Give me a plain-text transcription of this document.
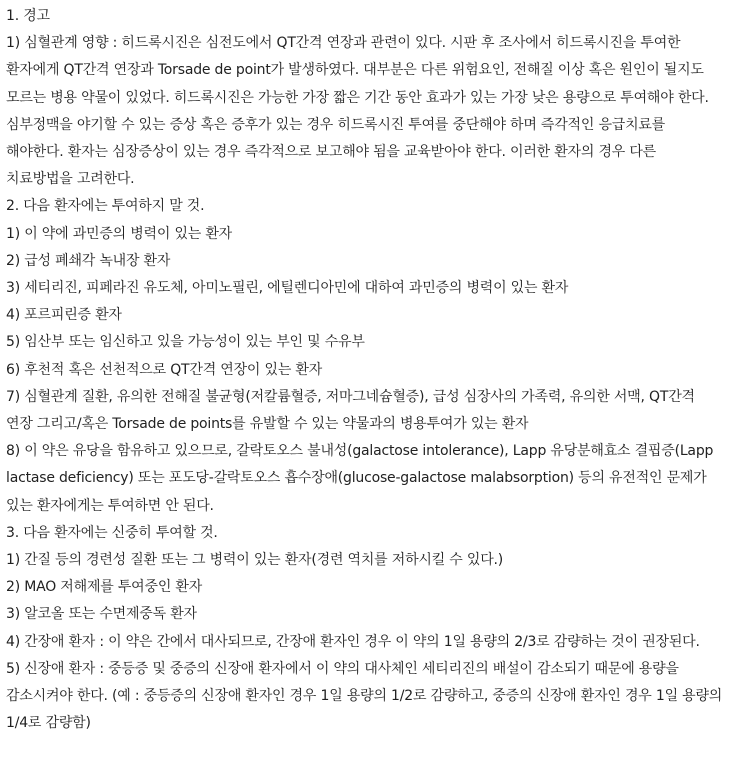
1. 경고

1) 심혈관계 영향 : 히드록시진은 심전도에서 QT간격 연장과 관련이 있다. 시판 후 조사에서 히드록시진을 투여한 환자에게 QT간격 연장과 Torsade de point가 발생하였다. 대부분은 다른 위험요인, 전해질 이상 혹은 원인이 될지도 모르는 병용 약물이 있었다. 히드록시진은 가능한 가장 짧은 기간 동안 효과가 있는 가장 낮은 용량으로 투여해야 한다. 심부정맥을 야기할 수 있는 증상 혹은 증후가 있는 경우 히드록시진 투여를 중단해야 하며 즉각적인 응급치료를 해야한다. 환자는 심장증상이 있는 경우 즉각적으로 보고해야 됨을 교육받아야 한다. 이러한 환자의 경우 다른 치료방법을 고려한다.

2. 다음 환자에는 투여하지 말 것.

1) 이 약에 과민증의 병력이 있는 환자

2) 급성 폐쇄각 녹내장 환자

3) 세티리진, 피페라진 유도체, 아미노필린, 에틸렌디아민에 대하여 과민증의 병력이 있는 환자

4) 포르피린증 환자

5) 임산부 또는 임신하고 있을 가능성이 있는 부인 및 수유부

6) 후천적 혹은 선천적으로 QT간격 연장이 있는 환자

7) 심혈관계 질환, 유의한 전해질 불균형(저칼륨혈증, 저마그네슘혈증), 급성 심장사의 가족력, 유의한 서맥, QT간격 연장 그리고/혹은 Torsade de points를 유발할 수 있는 약물과의 병용투여가 있는 환자

8) 이 약은 유당을 함유하고 있으므로, 갈락토오스 불내성(galactose intolerance), Lapp 유당분해효소 결핍증(Lapp lactase deficiency) 또는 포도당-갈락토오스 흡수장애(glucose-galactose malabsorption) 등의 유전적인 문제가 있는 환자에게는 투여하면 안 된다.

3. 다음 환자에는 신중히 투여할 것.

1) 간질 등의 경련성 질환 또는 그 병력이 있는 환자(경련 역치를 저하시킬 수 있다.)

2) MAO 저해제를 투여중인 환자

3) 알코올 또는 수면제중독 환자

4) 간장애 환자 : 이 약은 간에서 대사되므로, 간장애 환자인 경우 이 약의 1일 용량의 2/3로 감량하는 것이 권장된다.

5) 신장애 환자 : 중등증 및 중증의 신장애 환자에서 이 약의 대사체인 세티리진의 배설이 감소되기 때문에 용량을 감소시켜야 한다. (예 : 중등증의 신장애 환자인 경우 1일 용량의 1/2로 감량하고, 중증의 신장애 환자인 경우 1일 용량의 1/4로 감량함)
